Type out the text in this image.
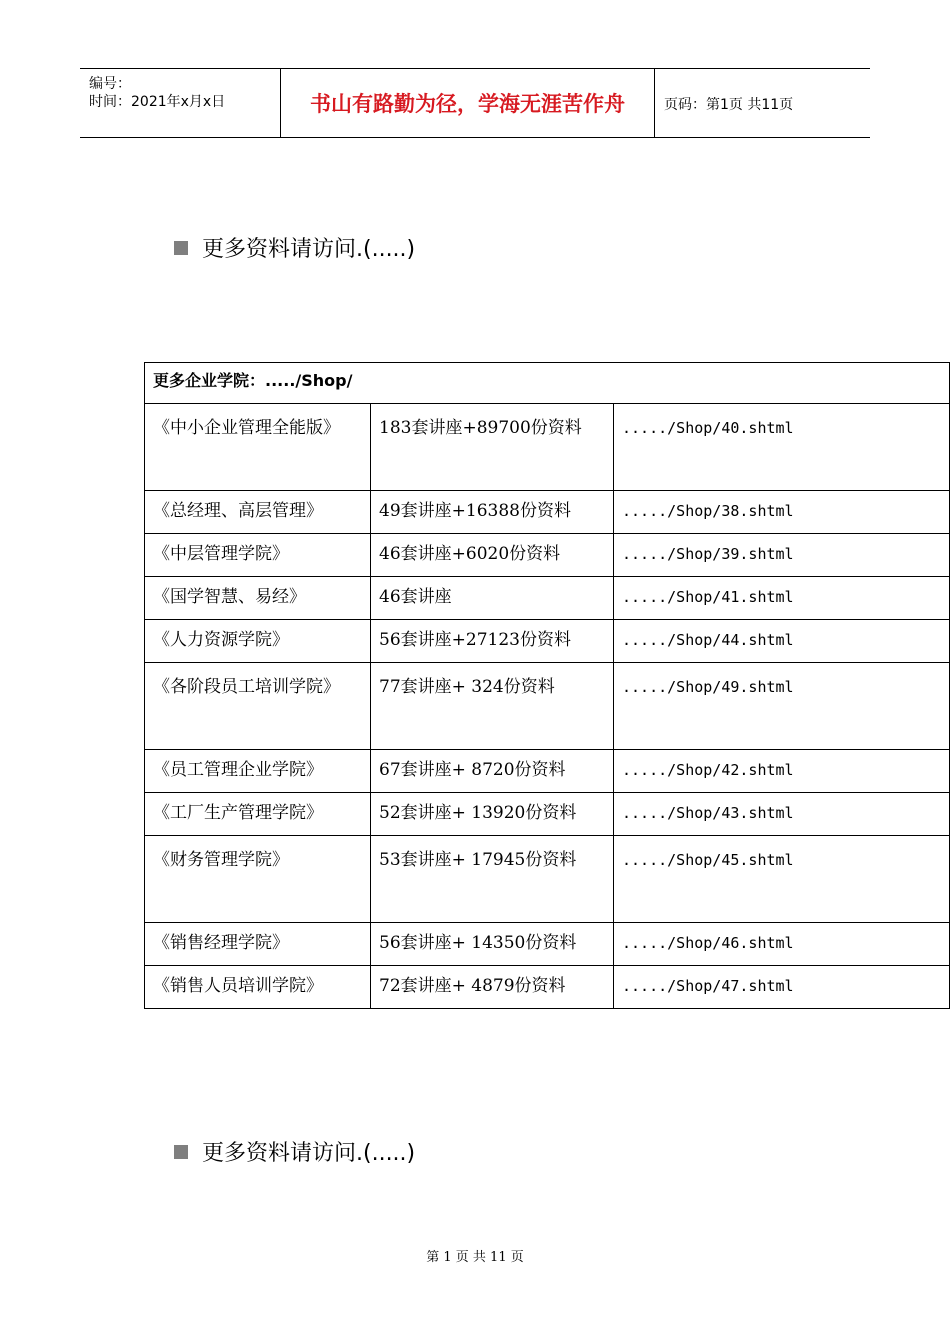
编号：
时间：2021年x月x日	书山有路勤为径，学海无涯苦作舟	页码：第1页 共11页
更多资料请访问.(.....)
更多企业学院：...../Shop/		
《中小企业管理全能版》	183套讲座+89700份资料	...../Shop/40.shtml
《总经理、高层管理》	49套讲座+16388份资料	...../Shop/38.shtml
《中层管理学院》	46套讲座+6020份资料	...../Shop/39.shtml
《国学智慧、易经》	46套讲座	...../Shop/41.shtml
《人力资源学院》	56套讲座+27123份资料	...../Shop/44.shtml
《各阶段员工培训学院》	77套讲座+ 324份资料	...../Shop/49.shtml
《员工管理企业学院》	67套讲座+ 8720份资料	...../Shop/42.shtml
《工厂生产管理学院》	52套讲座+ 13920份资料	...../Shop/43.shtml
《财务管理学院》	53套讲座+ 17945份资料	...../Shop/45.shtml
《销售经理学院》	56套讲座+ 14350份资料	...../Shop/46.shtml
《销售人员培训学院》	72套讲座+ 4879份资料	...../Shop/47.shtml
更多资料请访问.(.....)
第 1 页 共 11 页
